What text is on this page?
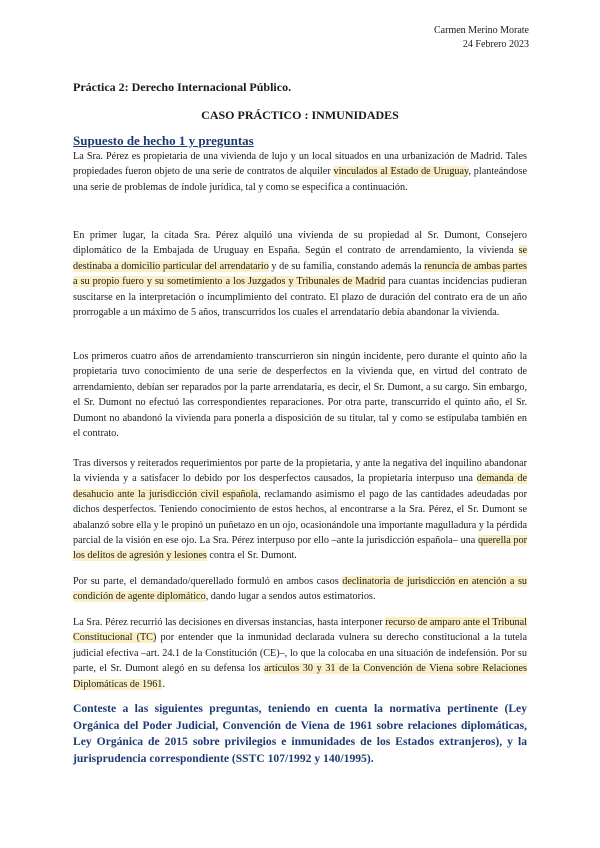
Carmen Merino Morate
24 Febrero 2023
Práctica 2: Derecho Internacional Público.
CASO PRÁCTICO : INMUNIDADES
Supuesto de hecho 1 y preguntas

La Sra. Pérez es propietaria de una vivienda de lujo y un local situados en una urbanización de Madrid. Tales propiedades fueron objeto de una serie de contratos de alquiler vinculados al Estado de Uruguay, planteándose una serie de problemas de índole jurídica, tal y como se especifica a continuación.

En primer lugar, la citada Sra. Pérez alquiló una vivienda de su propiedad al Sr. Dumont, Consejero diplomático de la Embajada de Uruguay en España. Según el contrato de arrendamiento, la vivienda se destinaba a domicilio particular del arrendatario y de su familia, constando además la renuncia de ambas partes a su propio fuero y su sometimiento a los Juzgados y Tribunales de Madrid para cuantas incidencias pudieran suscitarse en la interpretación o incumplimiento del contrato. El plazo de duración del contrato era de un año prorrogable a un máximo de 5 años, transcurridos los cuales el arrendatario debía abandonar la vivienda.

Los primeros cuatro años de arrendamiento transcurrieron sin ningún incidente, pero durante el quinto año la propietaria tuvo conocimiento de una serie de desperfectos en la vivienda que, en virtud del contrato de arrendamiento, debían ser reparados por la parte arrendataria, es decir, el Sr. Dumont, a su cargo. Sin embargo, el Sr. Dumont no efectuó las correspondientes reparaciones. Por otra parte, transcurrido el quinto año, el Sr. Dumont no abandonó la vivienda para ponerla a disposición de su titular, tal y como se estipulaba también en el contrato.

Tras diversos y reiterados requerimientos por parte de la propietaria, y ante la negativa del inquilino abandonar la vivienda y a satisfacer lo debido por los desperfectos causados, la propietaria interpuso una demanda de desahucio ante la jurisdicción civil española, reclamando asimismo el pago de las cantidades adeudadas por dichos desperfectos. Teniendo conocimiento de estos hechos, al encontrarse a la Sra. Pérez, el Sr. Dumont se abalanzó sobre ella y le propinó un puñetazo en un ojo, ocasionándole una importante magulladura y la pérdida parcial de la visión en ese ojo. La Sra. Pérez interpuso por ello –ante la jurisdicción española– una querella por los delitos de agresión y lesiones contra el Sr. Dumont.

Por su parte, el demandado/querellado formuló en ambos casos declinatoria de jurisdicción en atención a su condición de agente diplomático, dando lugar a sendos autos estimatorios.

La Sra. Pérez recurrió las decisiones en diversas instancias, hasta interponer recurso de amparo ante el Tribunal Constitucional (TC) por entender que la inmunidad declarada vulnera su derecho constitucional a la tutela judicial efectiva –art. 24.1 de la Constitución (CE)–, lo que la colocaba en una situación de indefensión. Por su parte, el Sr. Dumont alegó en su defensa los artículos 30 y 31 de la Convención de Viena sobre Relaciones Diplomáticas de 1961.

Conteste a las siguientes preguntas, teniendo en cuenta la normativa pertinente (Ley Orgánica del Poder Judicial, Convención de Viena de 1961 sobre relaciones diplomáticas, Ley Orgánica de 2015 sobre privilegios e inmunidades de los Estados extranjeros), y la jurisprudencia correspondiente (SSTC 107/1992 y 140/1995).
